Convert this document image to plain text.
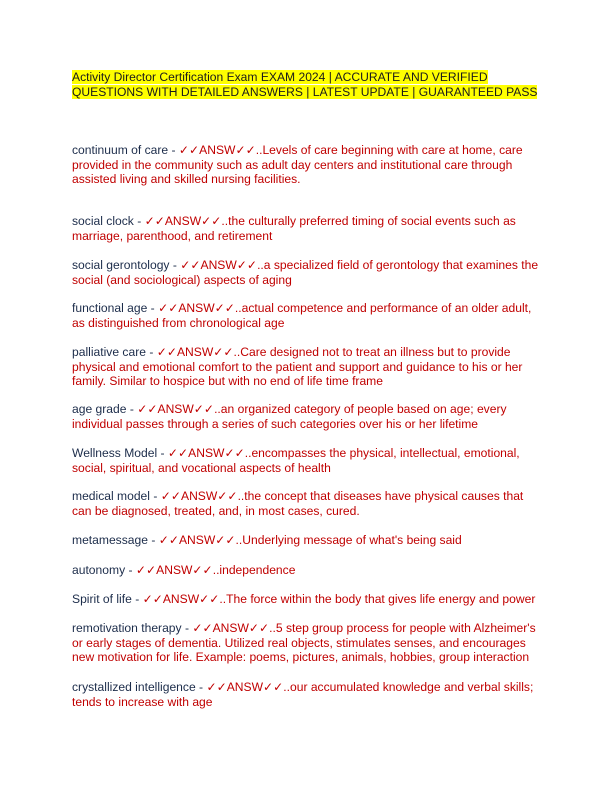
Activity Director Certification Exam EXAM 2024 | ACCURATE AND VERIFIED QUESTIONS WITH DETAILED ANSWERS | LATEST UPDATE | GUARANTEED PASS
continuum of care - ✓✓ANSW✓✓..Levels of care beginning with care at home, care provided in the community such as adult day centers and institutional care through assisted living and skilled nursing facilities.
social clock - ✓✓ANSW✓✓..the culturally preferred timing of social events such as marriage, parenthood, and retirement
social gerontology - ✓✓ANSW✓✓..a specialized field of gerontology that examines the social (and sociological) aspects of aging
functional age - ✓✓ANSW✓✓..actual competence and performance of an older adult, as distinguished from chronological age
palliative care - ✓✓ANSW✓✓..Care designed not to treat an illness but to provide physical and emotional comfort to the patient and support and guidance to his or her family. Similar to hospice but with no end of life time frame
age grade - ✓✓ANSW✓✓..an organized category of people based on age; every individual passes through a series of such categories over his or her lifetime
Wellness Model - ✓✓ANSW✓✓..encompasses the physical, intellectual, emotional, social, spiritual, and vocational aspects of health
medical model - ✓✓ANSW✓✓..the concept that diseases have physical causes that can be diagnosed, treated, and, in most cases, cured.
metamessage - ✓✓ANSW✓✓..Underlying message of what's being said
autonomy - ✓✓ANSW✓✓..independence
Spirit of life - ✓✓ANSW✓✓..The force within the body that gives life energy and power
remotivation therapy - ✓✓ANSW✓✓..5 step group process for people with Alzheimer's or early stages of dementia. Utilized real objects, stimulates senses, and encourages new motivation for life. Example: poems, pictures, animals, hobbies, group interaction
crystallized intelligence - ✓✓ANSW✓✓..our accumulated knowledge and verbal skills; tends to increase with age
